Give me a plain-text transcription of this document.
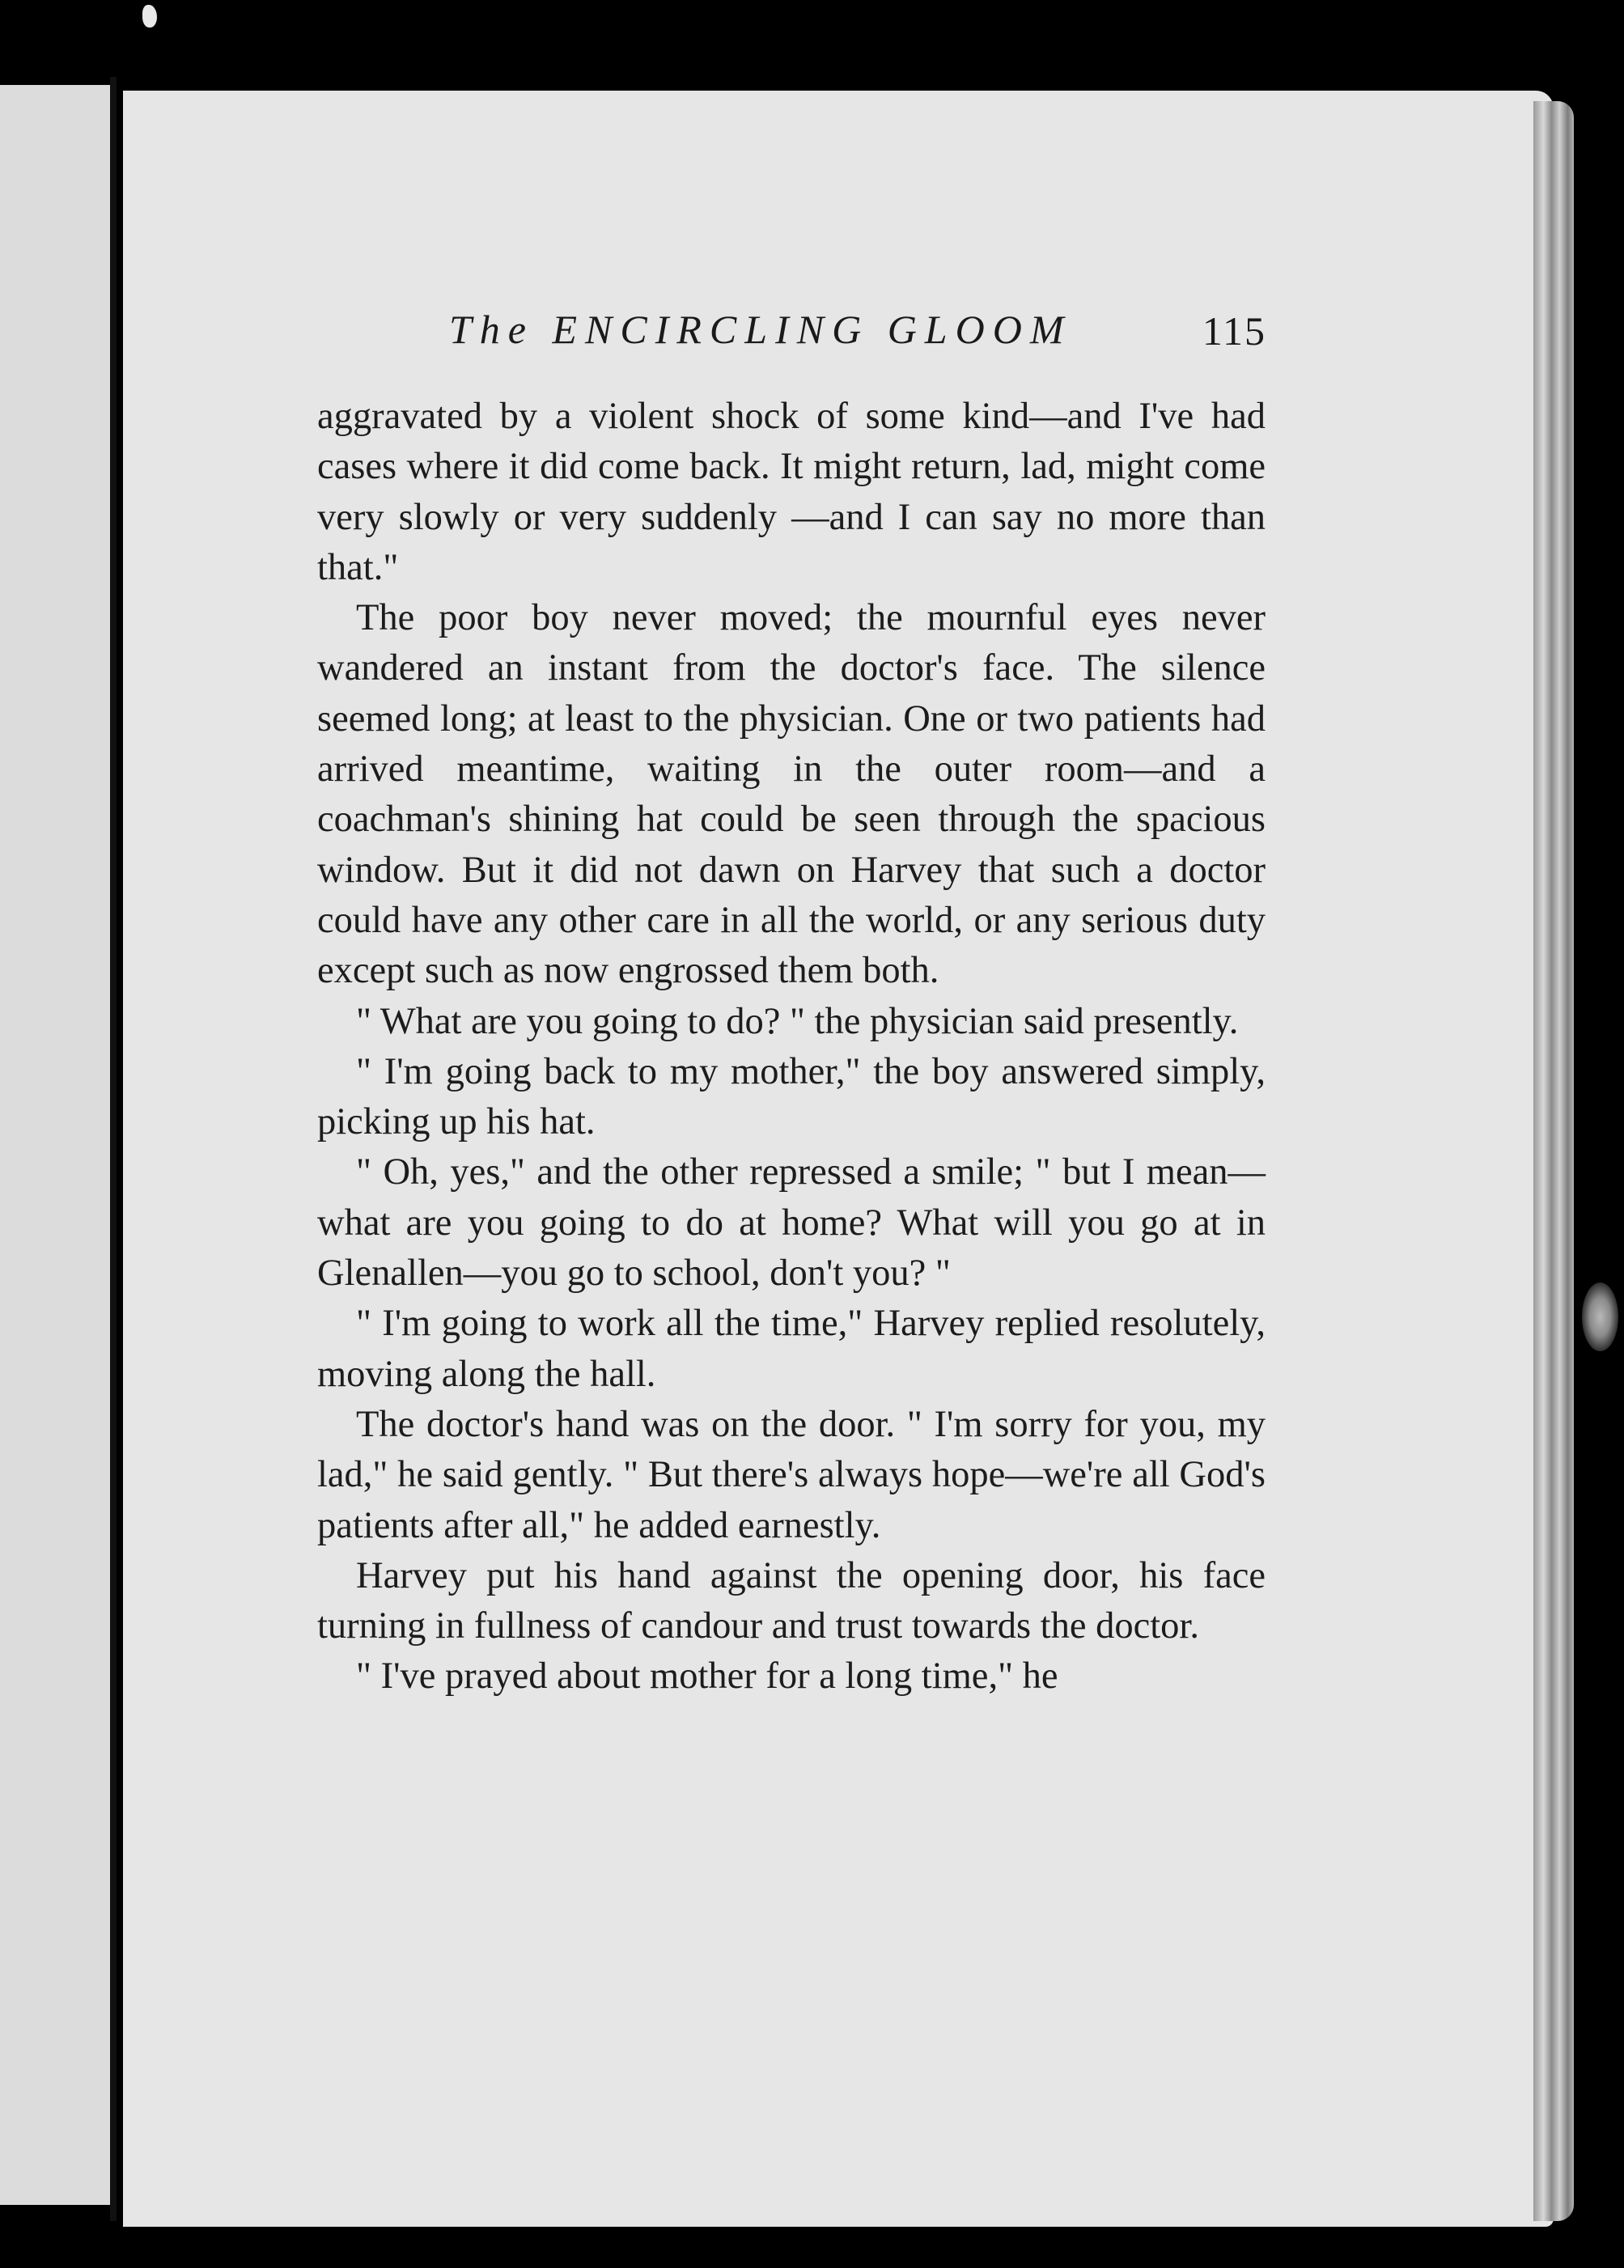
The ENCIRCLING GLOOM	115

aggravated by a violent shock of some kind—and I've had cases where it did come back. It might return, lad, might come very slowly or very suddenly —and I can say no more than that."

The poor boy never moved; the mournful eyes never wandered an instant from the doctor's face. The silence seemed long; at least to the physician. One or two patients had arrived meantime, waiting in the outer room—and a coachman's shining hat could be seen through the spacious window. But it did not dawn on Harvey that such a doctor could have any other care in all the world, or any serious duty except such as now engrossed them both.

" What are you going to do? " the physician said presently.

" I'm going back to my mother," the boy answered simply, picking up his hat.

" Oh, yes," and the other repressed a smile; " but I mean—what are you going to do at home? What will you go at in Glenallen—you go to school, don't you? "

" I'm going to work all the time," Harvey replied resolutely, moving along the hall.

The doctor's hand was on the door. " I'm sorry for you, my lad," he said gently. " But there's always hope—we're all God's patients after all," he added earnestly.

Harvey put his hand against the opening door, his face turning in fullness of candour and trust towards the doctor.

" I've prayed about mother for a long time," he
